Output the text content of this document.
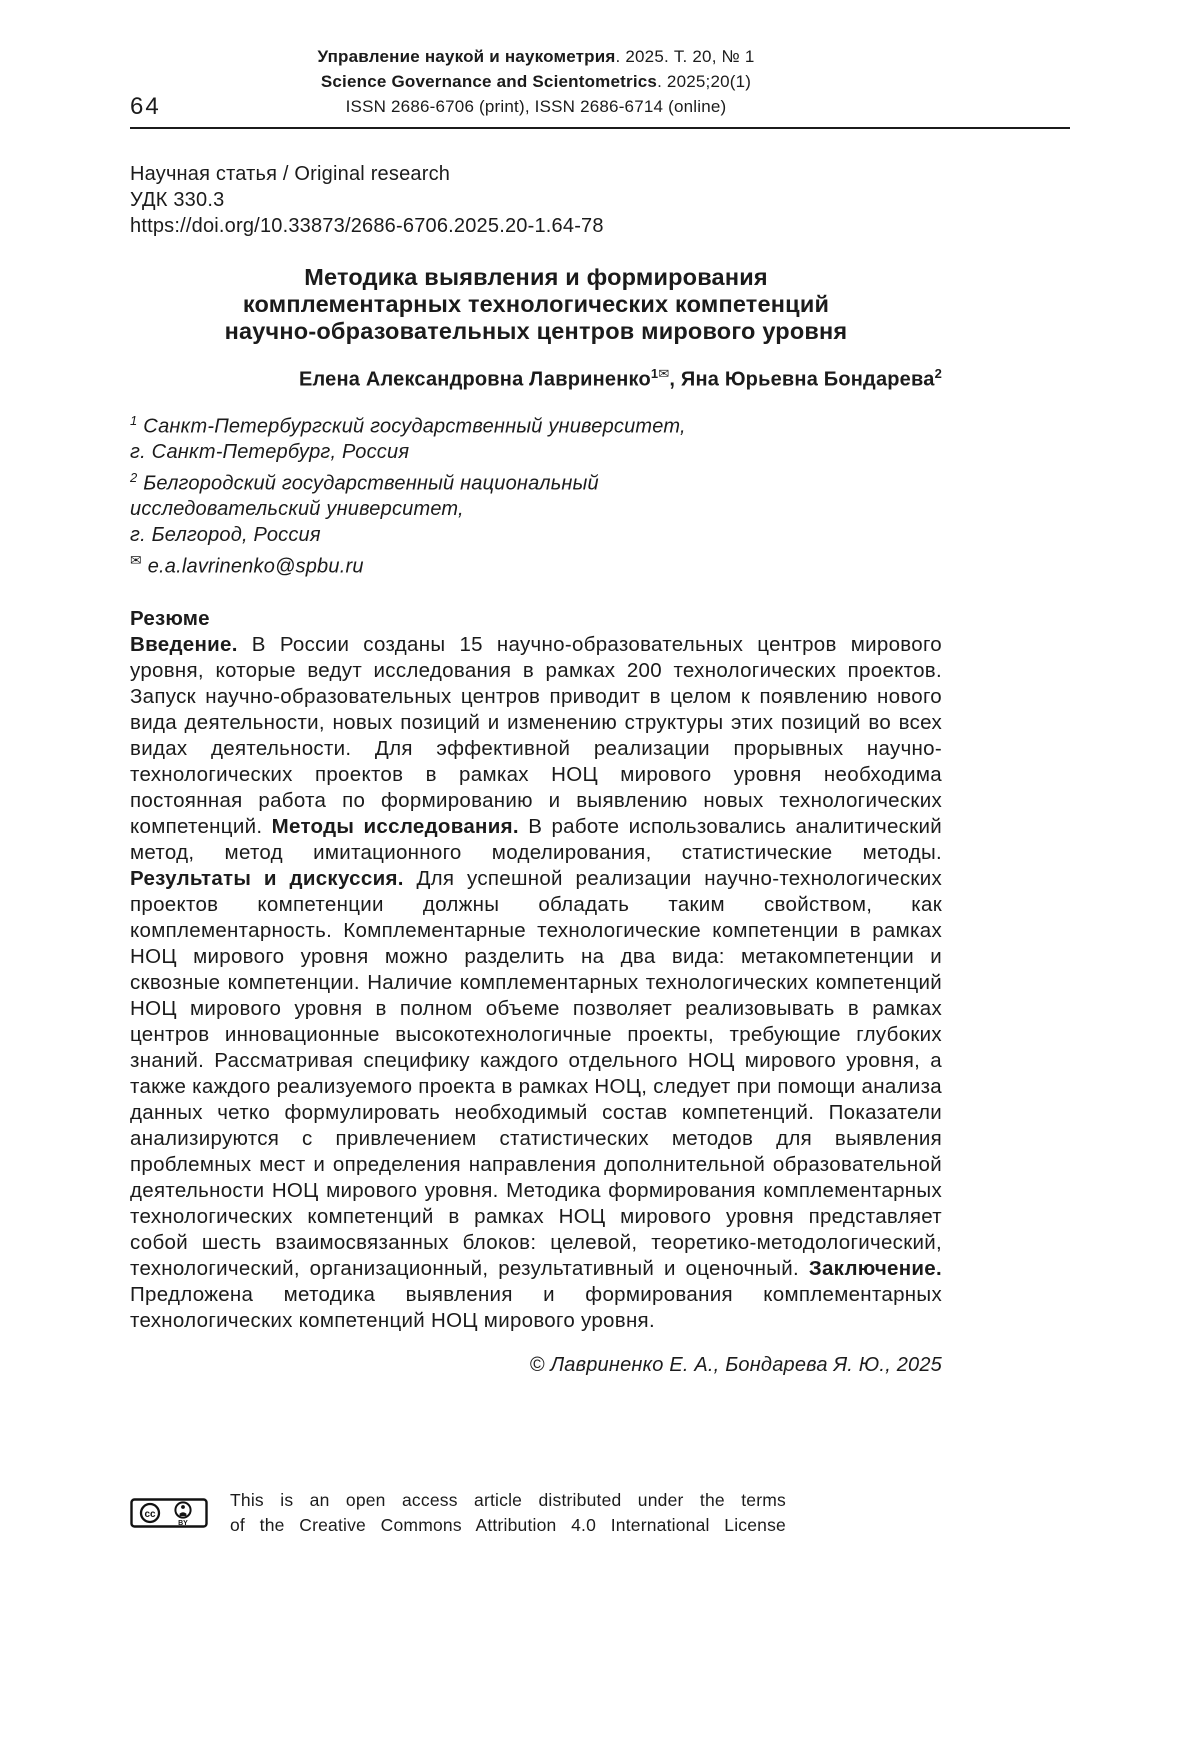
64
Управление наукой и наукометрия. 2025. Т. 20, № 1
Science Governance and Scientometrics. 2025;20(1)
ISSN 2686-6706 (print), ISSN 2686-6714 (online)

Научная статья / Original research

УДК 330.3

https://doi.org/10.33873/2686-6706.2025.20-1.64-78

Методика выявления и формирования
комплементарных технологических компетенций
научно-образовательных центров мирового уровня

Елена Александровна Лавриненко$^{1✉}$, Яна Юрьевна Бондарева$^2$

$^1$ Санкт-Петербургский государственный университет,
г. Санкт-Петербург, Россия

$^2$ Белгородский государственный национальный
исследовательский университет,
г. Белгород, Россия

✉ e.a.lavrinenko@spbu.ru

Резюме

Введение. В России созданы 15 научно-образовательных центров мирового уровня, которые ведут исследования в рамках 200 технологических проектов. Запуск научно-образовательных центров приводит в целом к появлению нового вида деятельности, новых позиций и изменению структуры этих позиций во всех видах деятельности. Для эффективной реализации прорывных научно-технологических проектов в рамках НОЦ мирового уровня необходима постоянная работа по формированию и выявлению новых технологических компетенций. Методы исследования. В работе использовались аналитический метод, метод имитационного моделирования, статистические методы. Результаты и дискуссия. Для успешной реализации научно-технологических проектов компетенции должны обладать таким свойством, как комплементарность. Комплементарные технологические компетенции в рамках НОЦ мирового уровня можно разделить на два вида: метакомпетенции и сквозные компетенции. Наличие комплементарных технологических компетенций НОЦ мирового уровня в полном объеме позволяет реализовывать в рамках центров инновационные высокотехнологичные проекты, требующие глубоких знаний. Рассматривая специфику каждого отдельного НОЦ мирового уровня, а также каждого реализуемого проекта в рамках НОЦ, следует при помощи анализа данных четко формулировать необходимый состав компетенций. Показатели анализируются с привлечением статистических методов для выявления проблемных мест и определения направления дополнительной образовательной деятельности НОЦ мирового уровня. Методика формирования комплементарных технологических компетенций в рамках НОЦ мирового уровня представляет собой шесть взаимосвязанных блоков: целевой, теоретико-методологический, технологический, организационный, результативный и оценочный. Заключение. Предложена методика выявления и формирования комплементарных технологических компетенций НОЦ мирового уровня.

© Лавриненко Е. А., Бондарева Я. Ю., 2025

cc
BY

This is an open access article distributed under the terms
of the Creative Commons Attribution 4.0 International License
